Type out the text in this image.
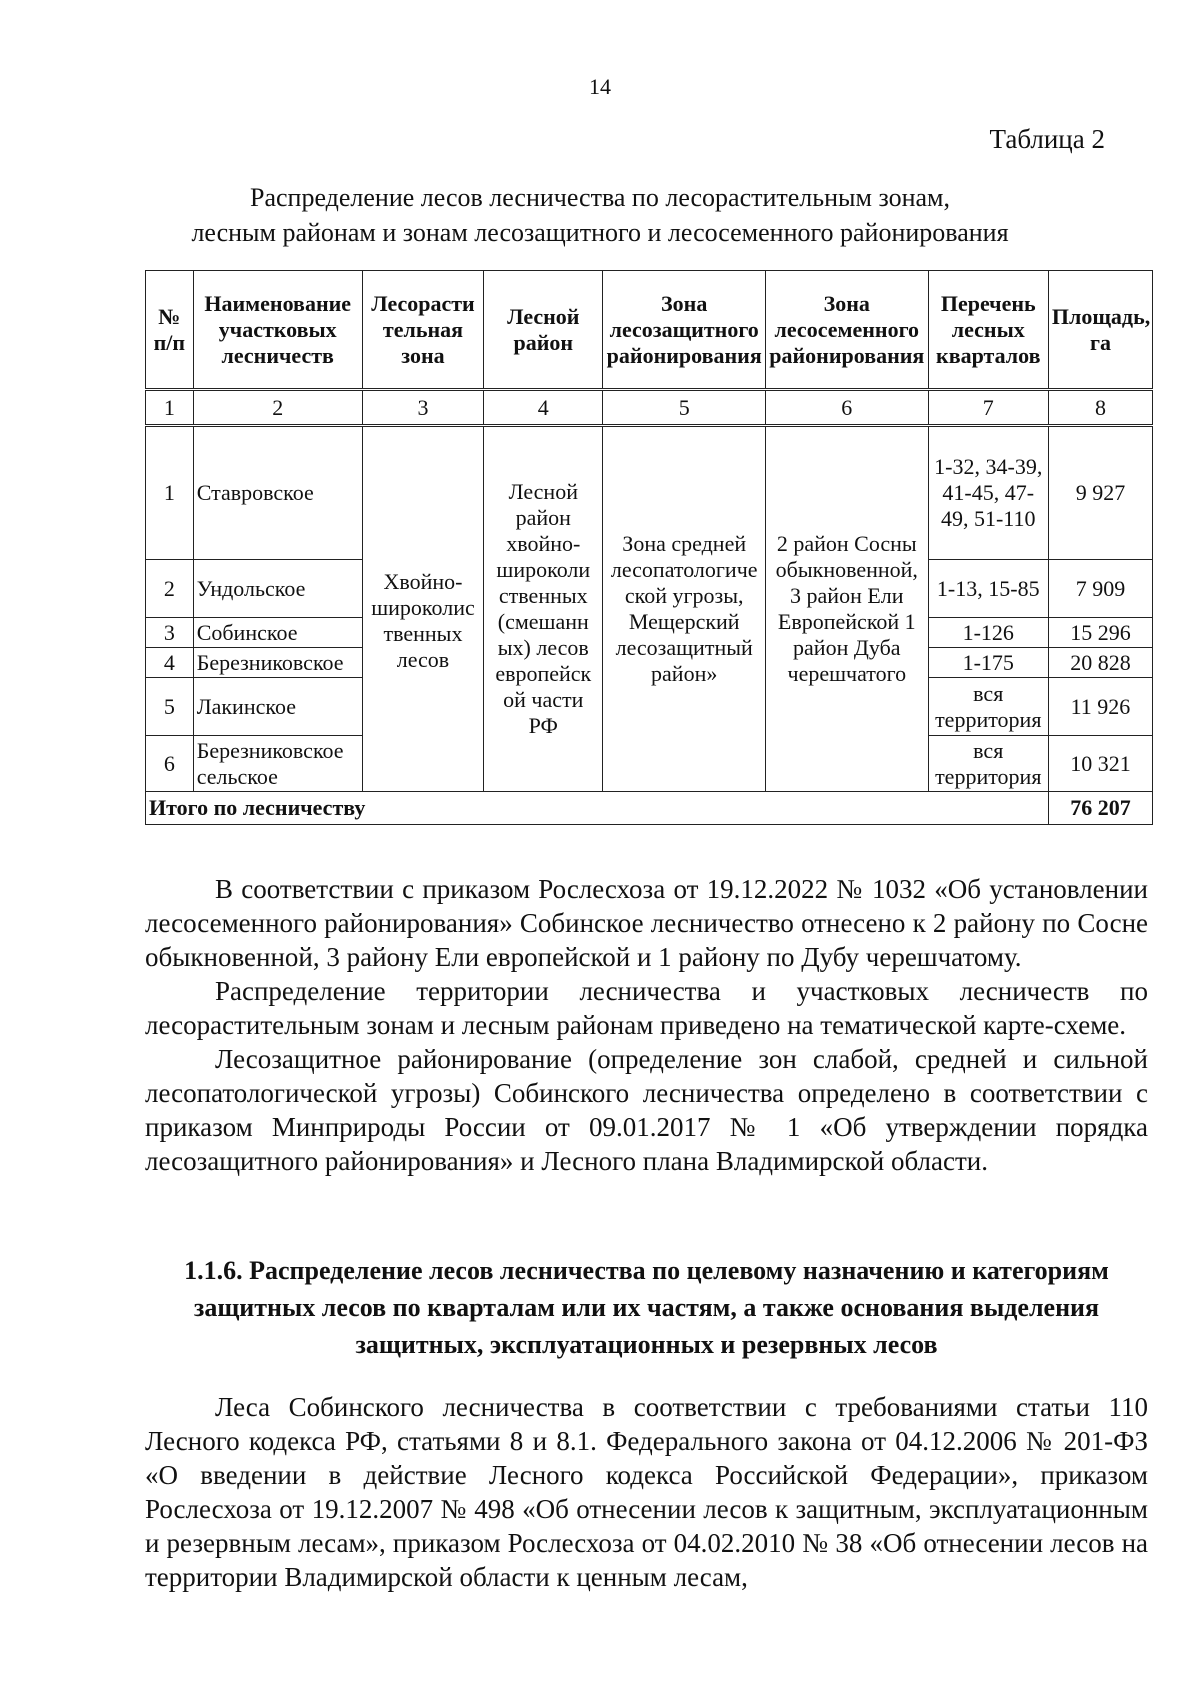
14
Таблица 2
Распределение лесов лесничества по лесорастительным зонам,
лесным районам и зонам лесозащитного и лесосеменного районирования
№ п/п	Наименование участковых лесничеств	Лесорасти тельная зона	Лесной район	Зона лесозащитного районирования	Зона лесосеменного районирования	Перечень лесных кварталов	Площадь, га
1	2	3	4	5	6	7	8
1	Ставровское	Хвойно-широколис твенных лесов	Лесной район хвойно-широколи ственных (смешанн ых) лесов европейск ой части РФ	Зона средней лесопатологиче ской угрозы, Мещерский лесозащитный район»	2 район Сосны обыкновенной, 3 район Ели Европейской 1 район Дуба черешчатого	1-32, 34-39, 41-45, 47-49, 51-110	9 927
2	Ундольское					1-13, 15-85	7 909
3	Собинское					1-126	15 296
4	Березниковское					1-175	20 828
5	Лакинское					вся территория	11 926
6	Березниковское сельское					вся территория	10 321
Итого по лесничеству							76 207

В соответствии с приказом Рослесхоза от 19.12.2022 № 1032 «Об установлении лесосеменного районирования» Собинское лесничество отнесено к 2 району по Сосне обыкновенной, 3 району Ели европейской и 1 району по Дубу черешчатому.

Распределение территории лесничества и участковых лесничеств по лесорастительным зонам и лесным районам приведено на тематической карте-схеме.

Лесозащитное районирование (определение зон слабой, средней и сильной лесопатологической угрозы) Собинского лесничества определено в соответствии с приказом Минприроды России от 09.01.2017 № 1 «Об утверждении порядка лесозащитного районирования» и Лесного плана Владимирской области.

1.1.6. Распределение лесов лесничества по целевому назначению и категориям защитных лесов по кварталам или их частям, а также основания выделения защитных, эксплуатационных и резервных лесов

Леса Собинского лесничества в соответствии с требованиями статьи 110 Лесного кодекса РФ, статьями 8 и 8.1. Федерального закона от 04.12.2006 № 201-ФЗ «О введении в действие Лесного кодекса Российской Федерации», приказом Рослесхоза от 19.12.2007 № 498 «Об отнесении лесов к защитным, эксплуатационным и резервным лесам», приказом Рослесхоза от 04.02.2010 № 38 «Об отнесении лесов на территории Владимирской области к ценным лесам,
